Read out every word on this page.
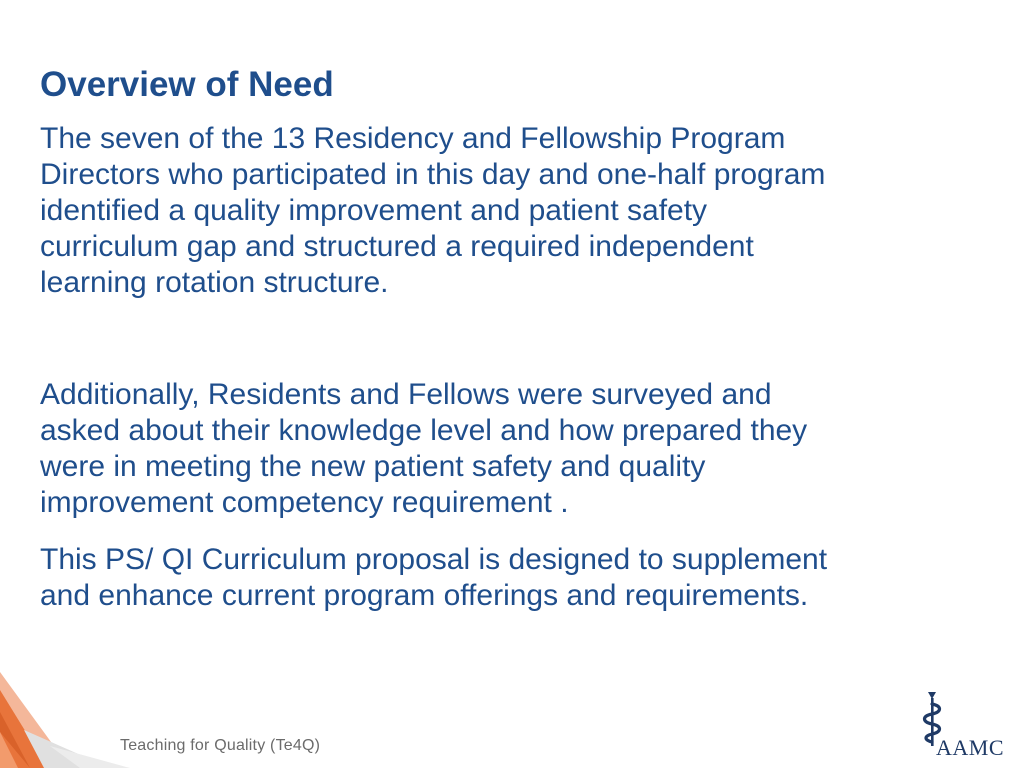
Overview of Need

The seven of the 13 Residency and Fellowship Program
Directors who participated in this day and one-half program
identified a quality improvement and patient safety
curriculum gap and structured a required independent
learning rotation structure.

Additionally, Residents and Fellows were surveyed and
asked about their knowledge level and how prepared they
were in meeting the new patient safety and quality
improvement competency requirement .

This PS/ QI Curriculum proposal is designed to supplement
and enhance current program offerings and requirements.

Teaching for Quality (Te4Q)	AAMC
